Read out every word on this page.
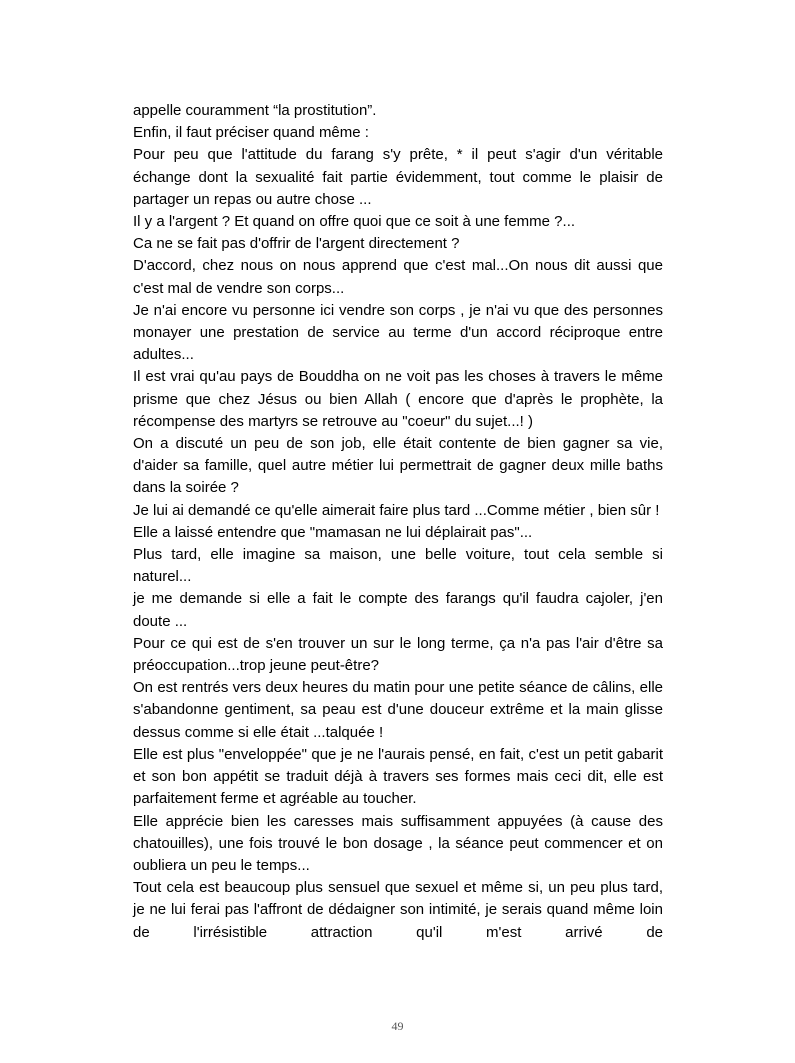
appelle couramment “la prostitution”.

Enfin, il faut préciser quand même :

Pour peu que l'attitude du farang s'y prête, * il peut s'agir d'un véritable échange dont la sexualité fait partie évidemment, tout comme le plaisir de partager un repas ou autre chose ...

Il y a l'argent ? Et quand on offre quoi que ce soit à une femme ?...

Ca ne se fait pas d'offrir de l'argent directement ?

D'accord, chez nous on nous apprend que c'est mal...On nous dit aussi que c'est mal de vendre son corps...

Je n'ai encore vu personne ici vendre son corps , je n'ai vu que des personnes monayer une prestation de service au terme d'un accord réciproque entre adultes...

Il est vrai qu'au pays de Bouddha on ne voit pas les choses à travers le même prisme que chez Jésus ou bien Allah ( encore que d'après le prophète, la récompense des martyrs se retrouve au "coeur" du sujet...! )

On a discuté un peu de son job, elle était contente de bien gagner sa vie, d'aider sa famille, quel autre métier lui permettrait de gagner deux mille baths dans la soirée ?

Je lui ai demandé ce qu'elle aimerait faire plus tard ...Comme métier , bien sûr !

Elle a laissé entendre que "mamasan ne lui déplairait pas"...

Plus tard, elle imagine sa maison, une belle voiture, tout cela semble si naturel...

je me demande si elle a fait le compte des farangs qu'il faudra cajoler, j'en doute ...

Pour ce qui est de s'en trouver un sur le long terme, ça n'a pas l'air d'être sa préoccupation...trop jeune peut-être?

On est rentrés vers deux heures du matin pour une petite séance de câlins, elle s'abandonne gentiment, sa peau est d'une douceur extrême et la main glisse dessus comme si elle était ...talquée !

Elle est plus "enveloppée" que je ne l'aurais pensé, en fait, c'est un petit gabarit et son bon appétit se traduit déjà à travers ses formes mais ceci dit, elle est parfaitement ferme et agréable au toucher.

Elle apprécie bien les caresses mais suffisamment appuyées (à cause des chatouilles), une fois trouvé le bon dosage , la séance peut commencer et on oubliera un peu le temps...

Tout cela est beaucoup plus sensuel que sexuel et même si, un peu plus tard, je ne lui ferai pas l'affront de dédaigner son intimité, je serais quand même loin de l'irrésistible attraction qu'il m'est arrivé de

49
